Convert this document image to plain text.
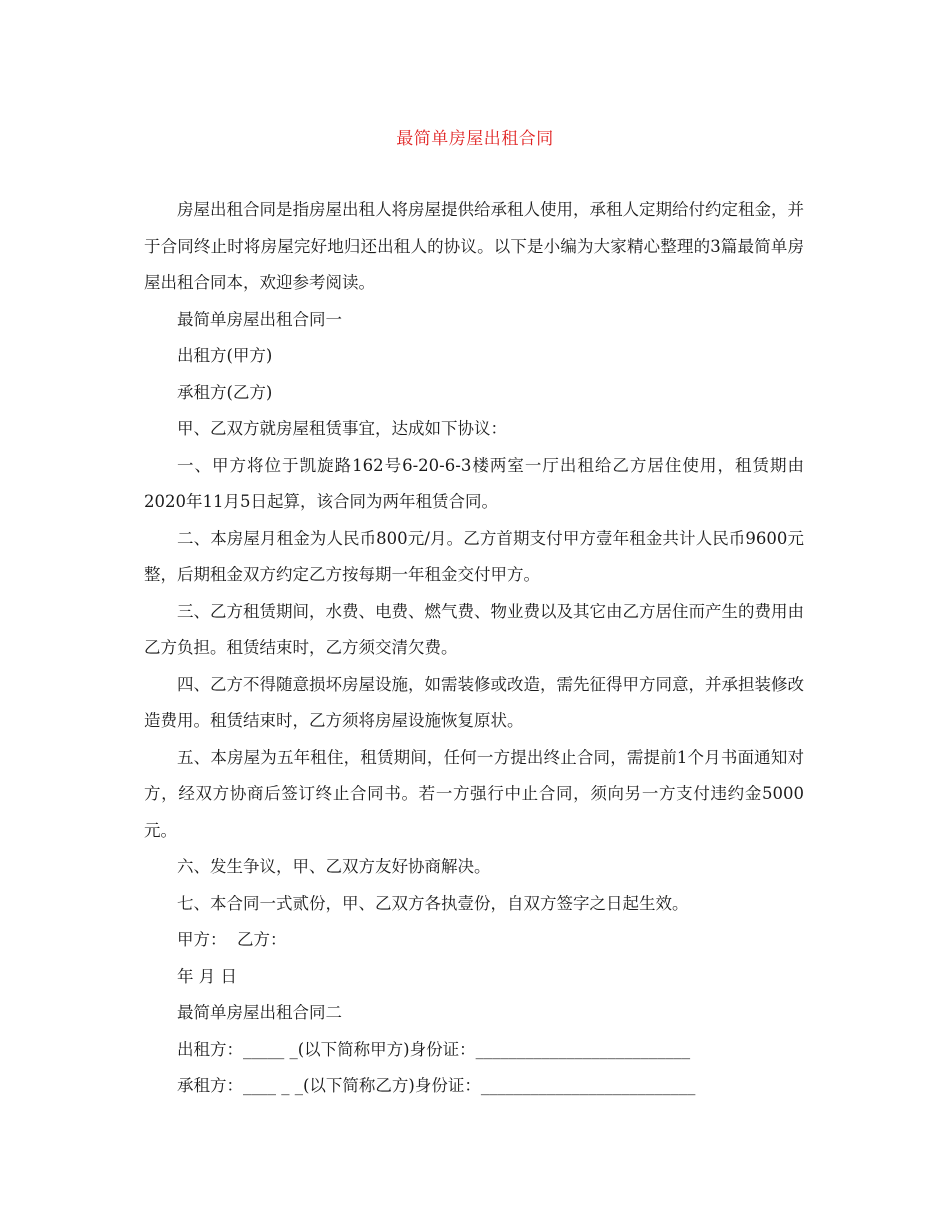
最简单房屋出租合同

房屋出租合同是指房屋出租人将房屋提供给承租人使用，承租人定期给付约定租金，并于合同终止时将房屋完好地归还出租人的协议。以下是小编为大家精心整理的3篇最简单房屋出租合同本，欢迎参考阅读。

最简单房屋出租合同一

出租方(甲方)

承租方(乙方)

甲、乙双方就房屋租赁事宜，达成如下协议：

一、甲方将位于凯旋路162号6-20-6-3楼两室一厅出租给乙方居住使用，租赁期由2020年11月5日起算，该合同为两年租赁合同。

二、本房屋月租金为人民币800元/月。乙方首期支付甲方壹年租金共计人民币9600元整，后期租金双方约定乙方按每期一年租金交付甲方。

三、乙方租赁期间，水费、电费、燃气费、物业费以及其它由乙方居住而产生的费用由乙方负担。租赁结束时，乙方须交清欠费。

四、乙方不得随意损坏房屋设施，如需装修或改造，需先征得甲方同意，并承担装修改造费用。租赁结束时，乙方须将房屋设施恢复原状。

五、本房屋为五年租住，租赁期间，任何一方提出终止合同，需提前1个月书面通知对方，经双方协商后签订终止合同书。若一方强行中止合同，须向另一方支付违约金5000元。

六、发生争议，甲、乙双方友好协商解决。

七、本合同一式贰份，甲、乙双方各执壹份，自双方签字之日起生效。

甲方：  乙方：

年 月 日

最简单房屋出租合同二

出租方：_____ _(以下简称甲方)身份证：__________________________

承租方：____ _ _(以下简称乙方)身份证：__________________________
